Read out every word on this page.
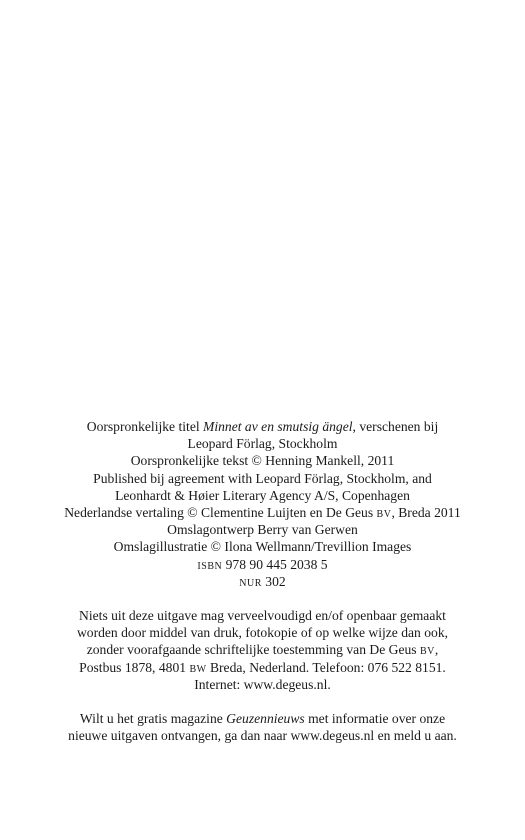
Oorspronkelijke titel Minnet av en smutsig ängel, verschenen bij
Leopard Förlag, Stockholm
Oorspronkelijke tekst © Henning Mankell, 2011
Published bij agreement with Leopard Förlag, Stockholm, and
Leonhardt & Høier Literary Agency A/S, Copenhagen
Nederlandse vertaling © Clementine Luijten en De Geus bv, Breda 2011
Omslagontwerp Berry van Gerwen
Omslagillustratie © Ilona Wellmann/Trevillion Images
isbn 978 90 445 2038 5
nur 302
Niets uit deze uitgave mag verveelvoudigd en/of openbaar gemaakt
worden door middel van druk, fotokopie of op welke wijze dan ook,
zonder voorafgaande schriftelijke toestemming van De Geus bv,
Postbus 1878, 4801 bw Breda, Nederland. Telefoon: 076 522 8151.
Internet: www.degeus.nl.
Wilt u het gratis magazine Geuzennieuws met informatie over onze
nieuwe uitgaven ontvangen, ga dan naar www.degeus.nl en meld u aan.
